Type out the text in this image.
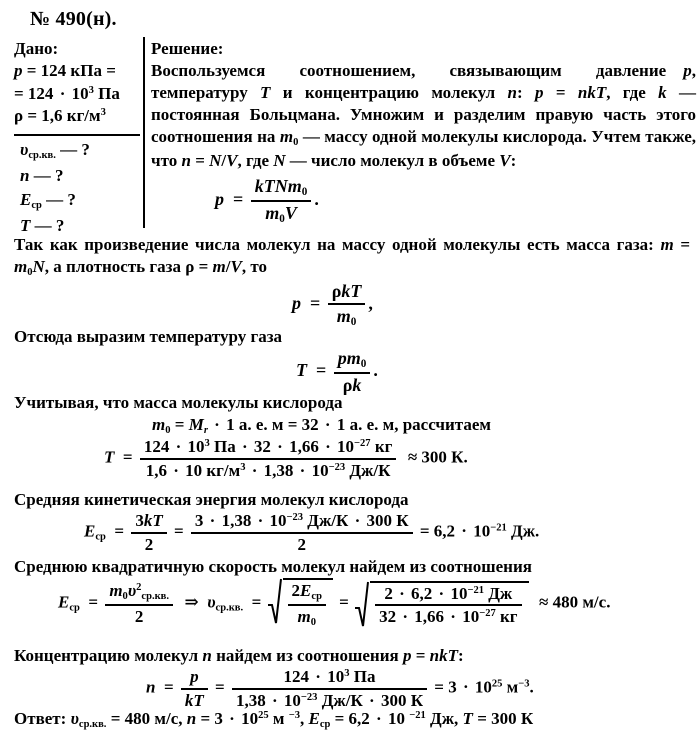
№ 490(н).
Дано:
p = 124 кПа =
= $124 \cdot 10^3$ Па
ρ = 1,6 $кг/м^3$
$\upsilon_{ср.кв.}$ — ?
n — ?
$E_{ср}$ — ?
T — ?

Решение:

Воспользуемся  соотношением,  связывающим  давление p, температуру T и концентрацию молекул n: p = nkT, где k — постоянная Больцмана. Умножим и разделим правую часть этого соотношения на $m_0$ — массу одной молекулы кислорода. Учтем также, что n = N/V, где N — число молекул в объеме V:

$p = \frac{kTNm_0}{m_0V}$ .
Так как произведение числа молекул на массу одной молекулы есть масса газа: $m = m_0N$, а плотность газа ρ = m/V, то
$p = \frac{\text{ρkT}}{m_0}$ ,
Отсюда выразим температуру газа
$T = \frac{pm_0}{\rho k}$ .
Учитывая, что масса молекулы кислорода
$m_0 = M_r \cdot 1$ а. е. м = 32 · 1 а. е. м, рассчитаем
$T = \frac{124 \cdot 10^3 Па \cdot 32 \cdot 1,66 \cdot 10^{-27} кг}{1,6 \cdot 10 кг/м^3 \cdot 1,38 \cdot 10^{-23} Дж/К} \approx 300$ К.
Средняя кинетическая энергия молекул кислорода
$E_{ср} = \frac{3kT}{2} = \frac{3 \cdot 1,38 \cdot 10^{-23} Дж/К \cdot 300 К}{2} = 6,2 \cdot 10^{-21}$ Дж.
Среднюю квадратичную скорость молекул найдем из соотношения
$E_{ср} = \frac{m_0\upsilon^2_{ср.кв.}}{2}$ ⇒  $\upsilon_{ср.кв.} = \frac{2E_{ср}}{m_0} = \frac{2 \cdot 6,2 \cdot 10^{-21} Дж}{32 \cdot 1,66 \cdot 10^{-27} кг} \approx 480$ м/с.
Концентрацию молекул n найдем из соотношения p = nkT:
$n = \frac{p}{kT} = \frac{124 \cdot 10^3 Па}{1,38 \cdot 10^{-23} Дж/К \cdot 300 К} = 3 \cdot 10^{25}$ $м^{-3}$.
Ответ: $\upsilon_{ср.кв.} = 480$ м/с, $n = 3 \cdot 10^{25}$ м $^{-3}$, $E_{ср} = 6,2 \cdot 10$ $^{-21}$ Дж, T = 300 К
